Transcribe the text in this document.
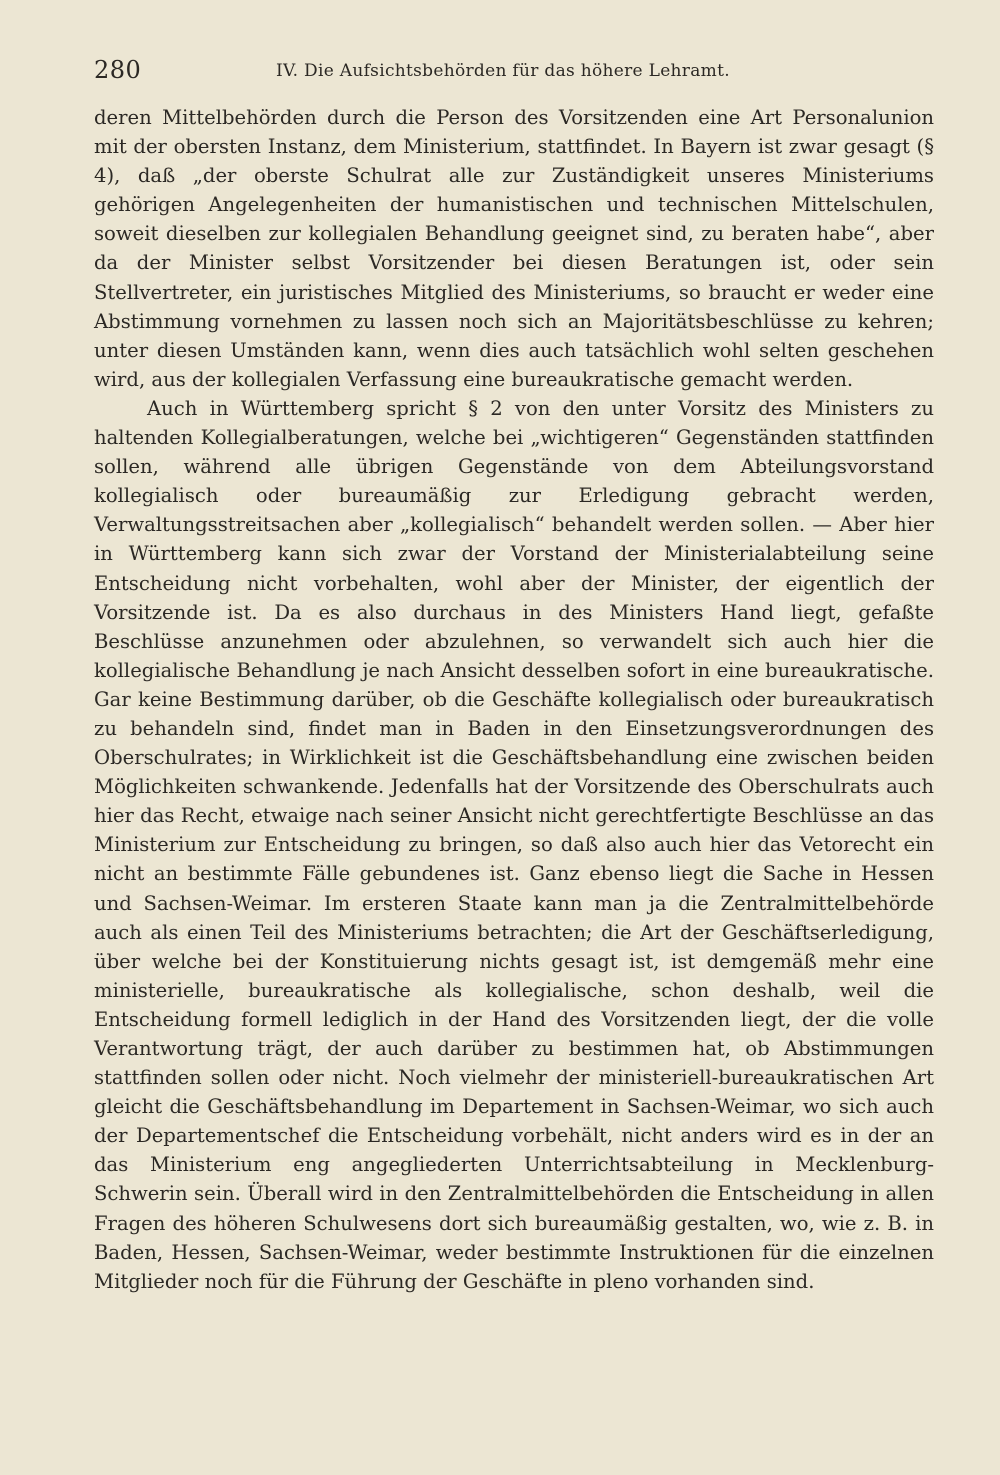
280	IV. Die Aufsichtsbehörden für das höhere Lehramt.

deren Mittelbehörden durch die Person des Vorsitzenden eine Art Personalunion mit der obersten Instanz, dem Ministerium, stattfindet. In Bayern ist zwar gesagt (§ 4), daß „der oberste Schulrat alle zur Zuständigkeit unseres Ministeriums gehörigen Angelegenheiten der humanistischen und technischen Mittelschulen, soweit dieselben zur kollegialen Behandlung geeignet sind, zu beraten habe“, aber da der Minister selbst Vorsitzender bei diesen Beratungen ist, oder sein Stellvertreter, ein juristisches Mitglied des Ministeriums, so braucht er weder eine Abstimmung vornehmen zu lassen noch sich an Majoritätsbeschlüsse zu kehren; unter diesen Umständen kann, wenn dies auch tatsächlich wohl selten geschehen wird, aus der kollegialen Verfassung eine bureaukratische gemacht werden.

Auch in Württemberg spricht § 2 von den unter Vorsitz des Ministers zu haltenden Kollegialberatungen, welche bei „wichtigeren“ Gegenständen stattfinden sollen, während alle übrigen Gegenstände von dem Abteilungsvorstand kollegialisch oder bureaumäßig zur Erledigung gebracht werden, Verwaltungsstreitsachen aber „kollegialisch“ behandelt werden sollen. — Aber hier in Württemberg kann sich zwar der Vorstand der Ministerialabteilung seine Entscheidung nicht vorbehalten, wohl aber der Minister, der eigentlich der Vorsitzende ist. Da es also durchaus in des Ministers Hand liegt, gefaßte Beschlüsse anzunehmen oder abzulehnen, so verwandelt sich auch hier die kollegialische Behandlung je nach Ansicht desselben sofort in eine bureaukratische. Gar keine Bestimmung darüber, ob die Geschäfte kollegialisch oder bureaukratisch zu behandeln sind, findet man in Baden in den Einsetzungsverordnungen des Oberschulrates; in Wirklichkeit ist die Geschäftsbehandlung eine zwischen beiden Möglichkeiten schwankende. Jedenfalls hat der Vorsitzende des Oberschulrats auch hier das Recht, etwaige nach seiner Ansicht nicht gerechtfertigte Beschlüsse an das Ministerium zur Entscheidung zu bringen, so daß also auch hier das Vetorecht ein nicht an bestimmte Fälle gebundenes ist. Ganz ebenso liegt die Sache in Hessen und Sachsen-Weimar. Im ersteren Staate kann man ja die Zentralmittelbehörde auch als einen Teil des Ministeriums betrachten; die Art der Geschäftserledigung, über welche bei der Konstituierung nichts gesagt ist, ist demgemäß mehr eine ministerielle, bureaukratische als kollegialische, schon deshalb, weil die Entscheidung formell lediglich in der Hand des Vorsitzenden liegt, der die volle Verantwortung trägt, der auch darüber zu bestimmen hat, ob Abstimmungen stattfinden sollen oder nicht. Noch vielmehr der ministeriell-bureaukratischen Art gleicht die Geschäftsbehandlung im Departement in Sachsen-Weimar, wo sich auch der Departementschef die Entscheidung vorbehält, nicht anders wird es in der an das Ministerium eng angegliederten Unterrichtsabteilung in Mecklenburg-Schwerin sein. Überall wird in den Zentralmittelbehörden die Entscheidung in allen Fragen des höheren Schulwesens dort sich bureaumäßig gestalten, wo, wie z. B. in Baden, Hessen, Sachsen-Weimar, weder bestimmte Instruktionen für die einzelnen Mitglieder noch für die Führung der Geschäfte in pleno vorhanden sind.
